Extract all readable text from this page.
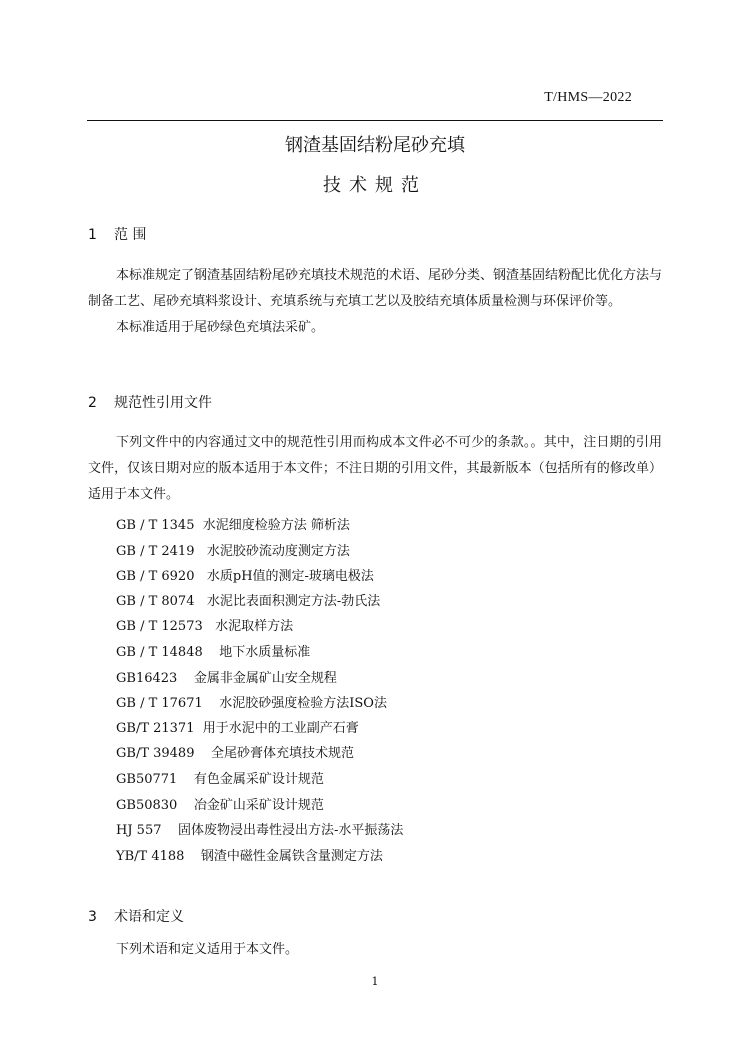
T/HMS—2022
钢渣基固结粉尾砂充填
技术规范
1 范 围
本标准规定了钢渣基固结粉尾砂充填技术规范的术语、尾砂分类、钢渣基固结粉配比优化方法与制备工艺、尾砂充填料浆设计、充填系统与充填工艺以及胶结充填体质量检测与环保评价等。
本标准适用于尾砂绿色充填法采矿。
2 规范性引用文件
下列文件中的内容通过文中的规范性引用而构成本文件必不可少的条款。。其中，注日期的引用文件，仅该日期对应的版本适用于本文件；不注日期的引用文件，其最新版本（包括所有的修改单）适用于本文件。
GB / T 1345  水泥细度检验方法 筛析法
GB / T 2419   水泥胶砂流动度测定方法
GB / T 6920   水质pH值的测定-玻璃电极法
GB / T 8074   水泥比表面积测定方法-勃氏法
GB / T 12573   水泥取样方法
GB / T 14848    地下水质量标准
GB16423    金属非金属矿山安全规程
GB / T 17671    水泥胶砂强度检验方法ISO法
GB/T 21371  用于水泥中的工业副产石膏
GB/T 39489    全尾砂膏体充填技术规范
GB50771    有色金属采矿设计规范
GB50830    冶金矿山采矿设计规范
HJ 557    固体废物浸出毒性浸出方法-水平振荡法
YB/T 4188    钢渣中磁性金属铁含量测定方法
3 术语和定义
下列术语和定义适用于本文件。
1
